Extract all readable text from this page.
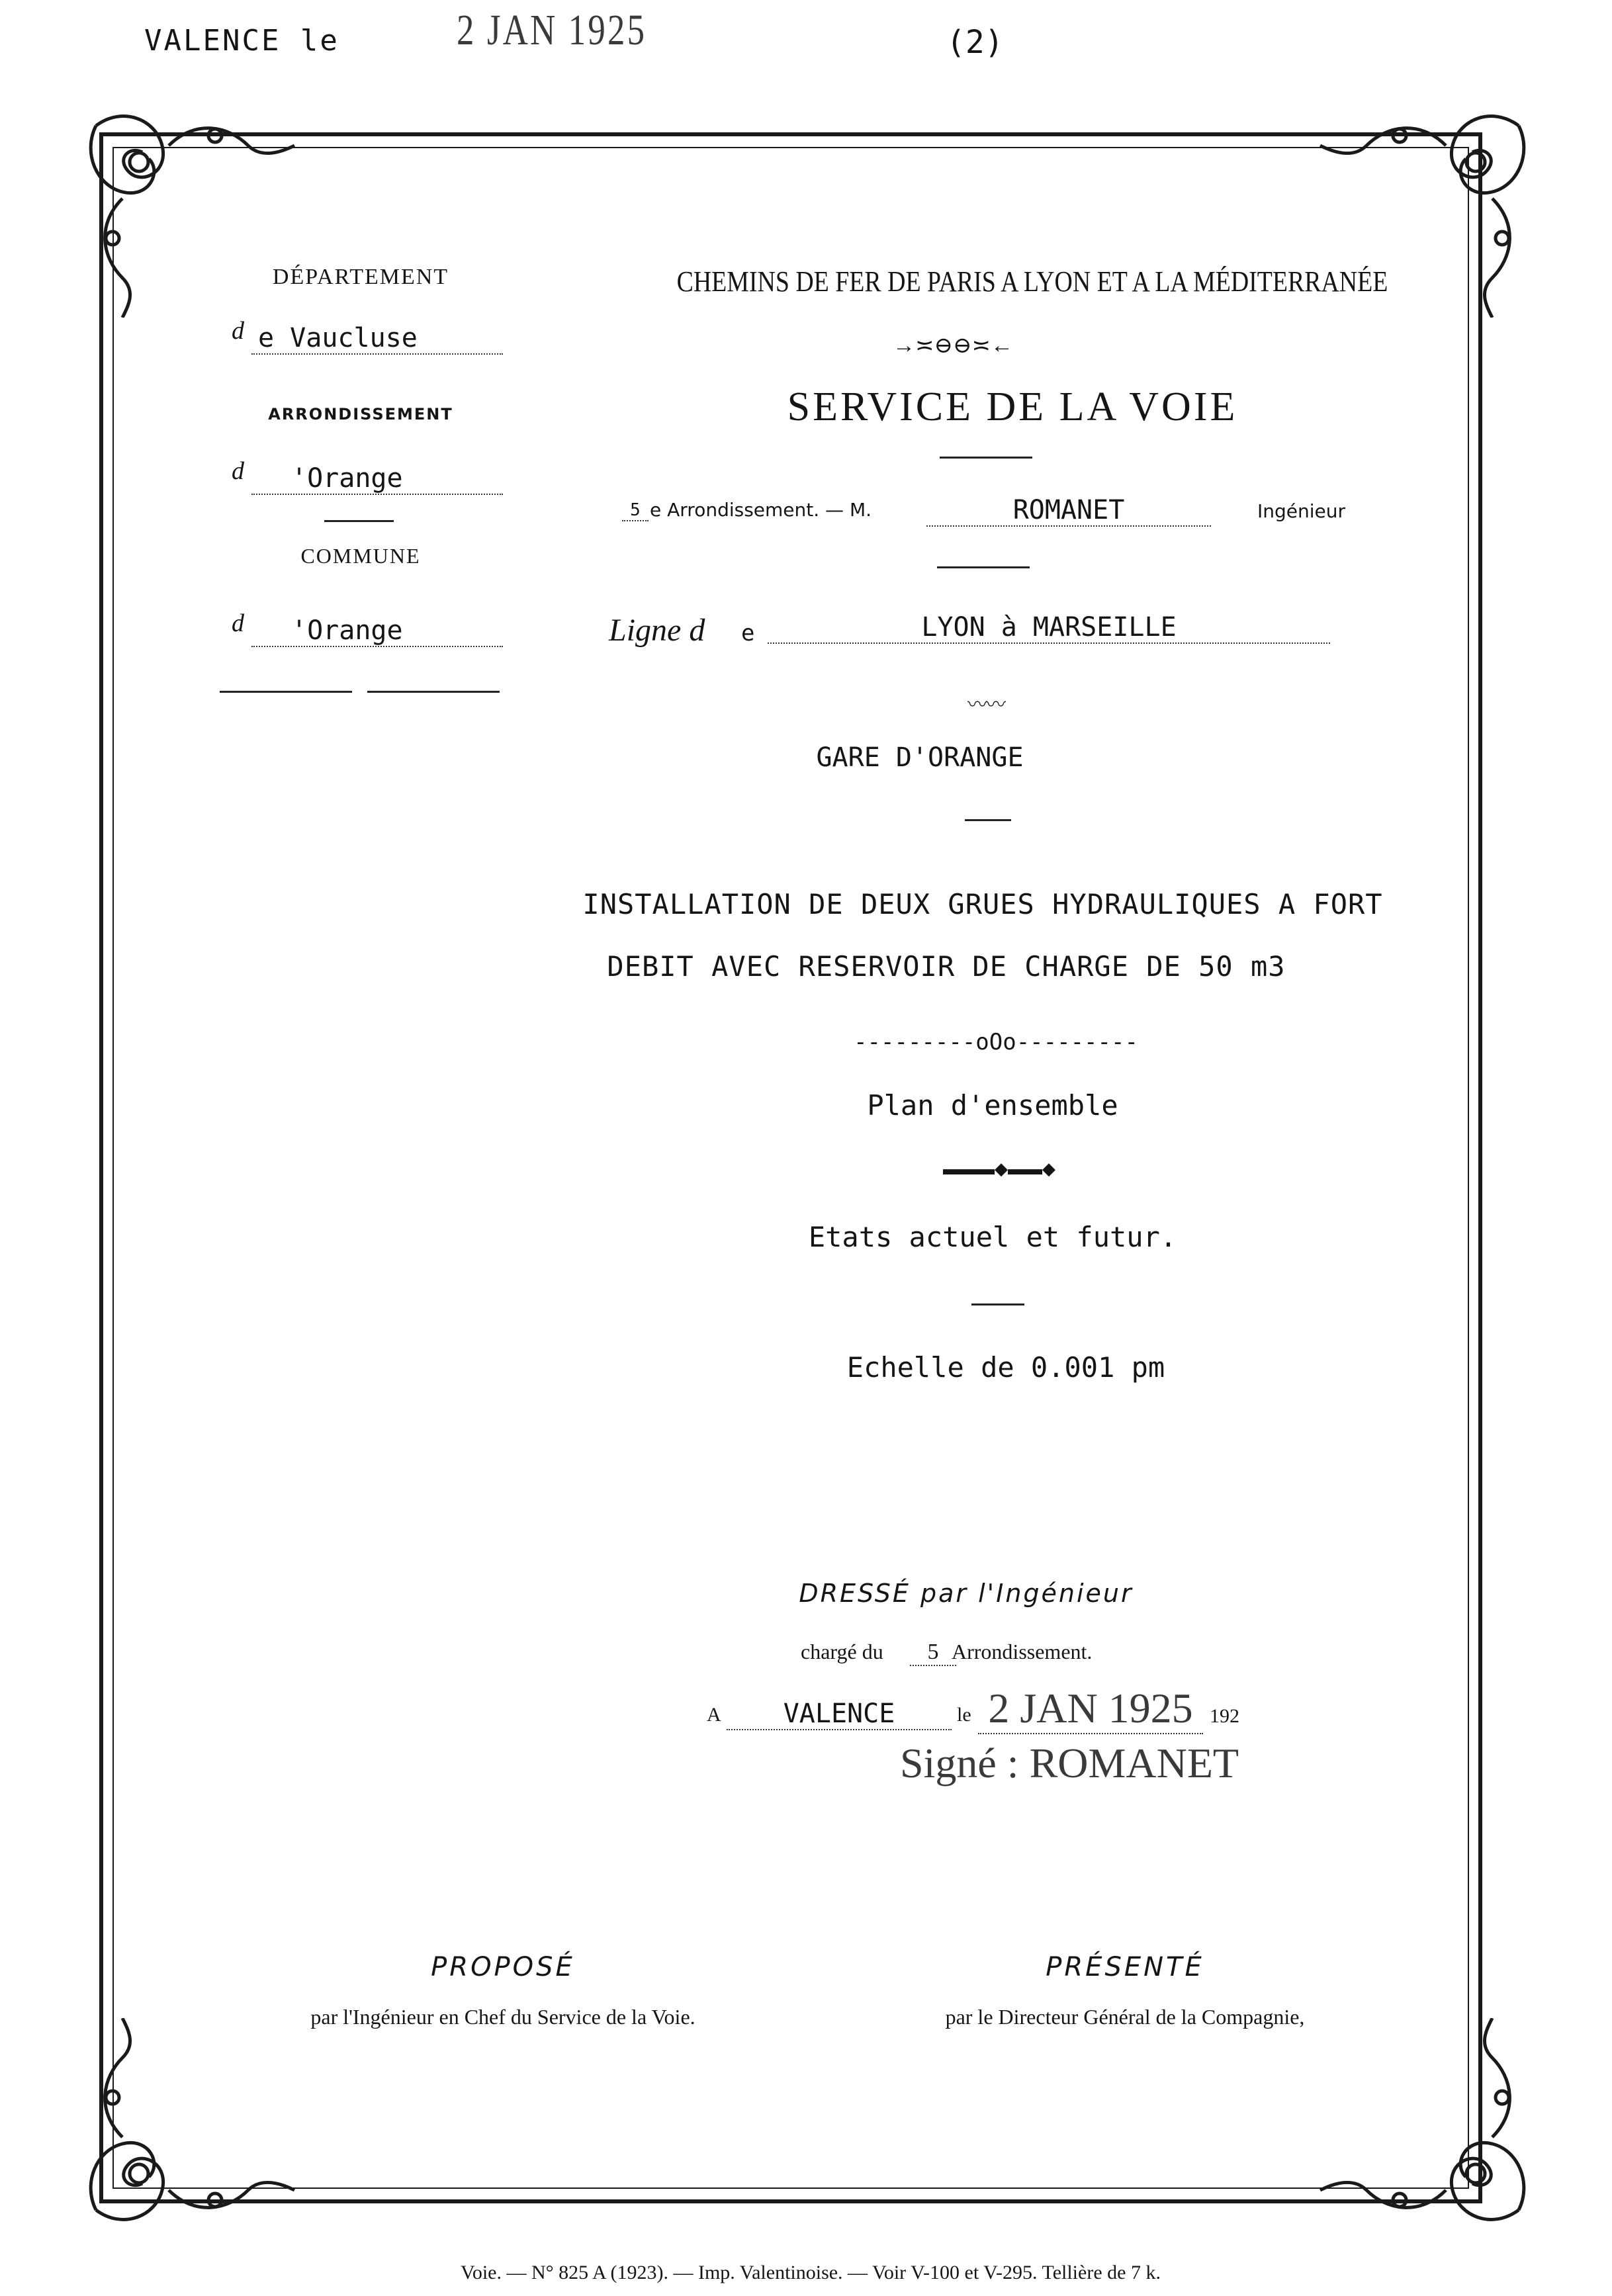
VALENCE le	2 JAN 1925	(2)
DÉPARTEMENT
d e Vaucluse
ARRONDISSEMENT
d	'Orange
COMMUNE
d	'Orange
CHEMINS DE FER DE PARIS A LYON ET A LA MÉDITERRANÉE
→≍⊖⊖≍←
SERVICE DE LA VOIE
5 e Arrondissement. — M.	ROMANET	Ingénieur
Ligne d e	LYON à MARSEILLE
〰〰
GARE D'ORANGE
INSTALLATION DE DEUX GRUES HYDRAULIQUES A FORT
DEBIT AVEC RESERVOIR DE CHARGE DE 50 m3
---------oOo---------
Plan d'ensemble
▬▬▬◆▬▬◆
Etats actuel et futur.
Echelle de 0.001 pm
DRESSÉ par l'Ingénieur
chargé du	5 Arrondissement.
A	VALENCE	le 2 JAN 1925 192
Signé : ROMANET
PROPOSÉ
par l'Ingénieur en Chef du Service de la Voie.
PRÉSENTÉ
par le Directeur Général de la Compagnie,
Voie. — N° 825 A (1923). — Imp. Valentinoise. — Voir V-100 et V-295. Tellière de 7 k.
